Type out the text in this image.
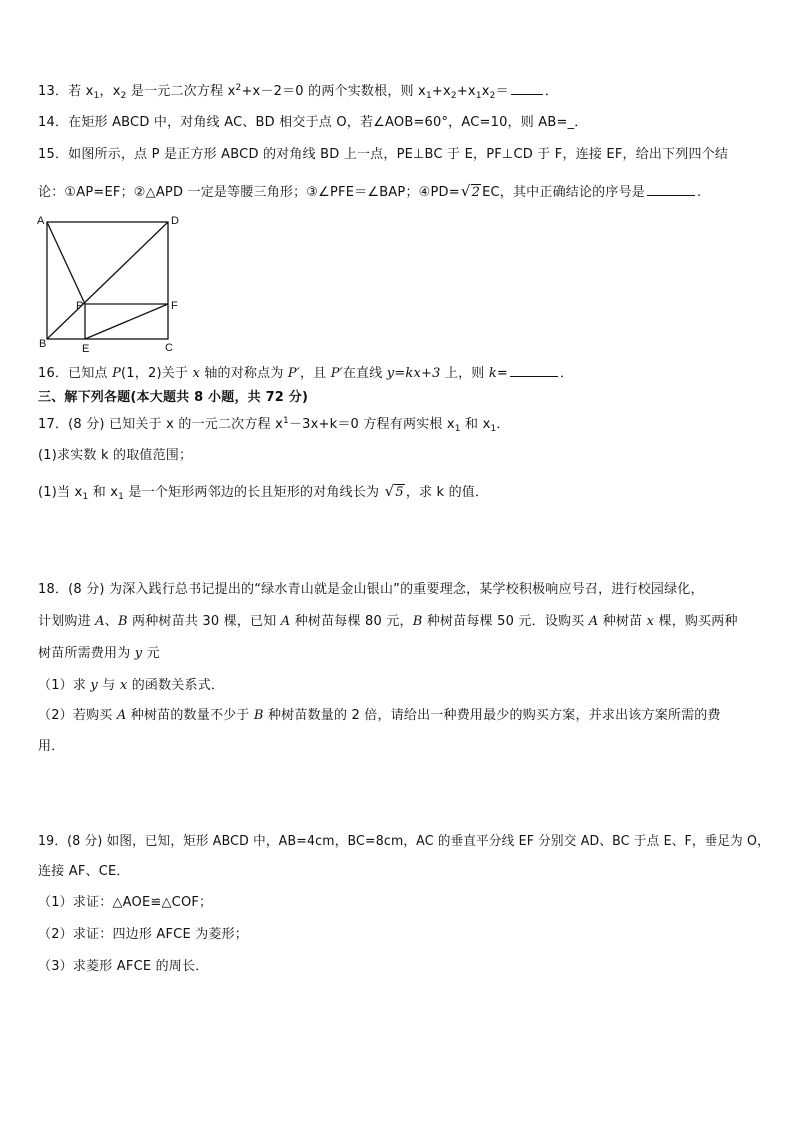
13．若 $x_1$，$x_2$ 是一元二次方程 $x^2+x-2=0$ 的两个实数根，则 $x_1+x_2+x_1x_2=$	．
14．在矩形 ABCD 中，对角线 AC、BD 相交于点 O，若∠AOB=60°，AC=10，则 AB=_．
15．如图所示，点 P 是正方形 ABCD 的对角线 BD 上一点，PE⊥BC 于 E，PF⊥CD 于 F，连接 EF，给出下列四个结
论：①AP=EF；②△APD 一定是等腰三角形；③∠PFE＝∠BAP；④PD=√2 EC，其中正确结论的序号是	.
A	D
P	F
B	E	C
16．已知点 P(1，2)关于 x 轴的对称点为 P′，且 P′在直线 y=kx+3 上，则 k=	．
三、解下列各题(本大题共 8 小题，共 72 分)
17．(8 分) 已知关于 x 的一元二次方程 $x^1-3x+k=0$ 方程有两实根 $x_1$ 和 $x_1$．
(1)求实数 k 的取值范围；
(1)当 $x_1$ 和 $x_1$ 是一个矩形两邻边的长且矩形的对角线长为 √5 ，求 k 的值．
18．(8 分) 为深入践行总书记提出的“绿水青山就是金山银山”的重要理念，某学校积极响应号召，进行校园绿化，
计划购进 A、B 两种树苗共 30 棵，已知 A 种树苗每棵 80 元，B 种树苗每棵 50 元．设购买 A 种树苗 x 棵，购买两种
树苗所需费用为 y 元
（1）求 y 与 x 的函数关系式．
（2）若购买 A 种树苗的数量不少于 B 种树苗数量的 2 倍，请给出一种费用最少的购买方案，并求出该方案所需的费
用．
19．(8 分) 如图，已知，矩形 ABCD 中，AB=4cm，BC=8cm，AC 的垂直平分线 EF 分别交 AD、BC 于点 E、F，垂足为 O，
连接 AF、CE．
（1）求证：△AOE≌△COF；
（2）求证：四边形 AFCE 为菱形；
（3）求菱形 AFCE 的周长．
